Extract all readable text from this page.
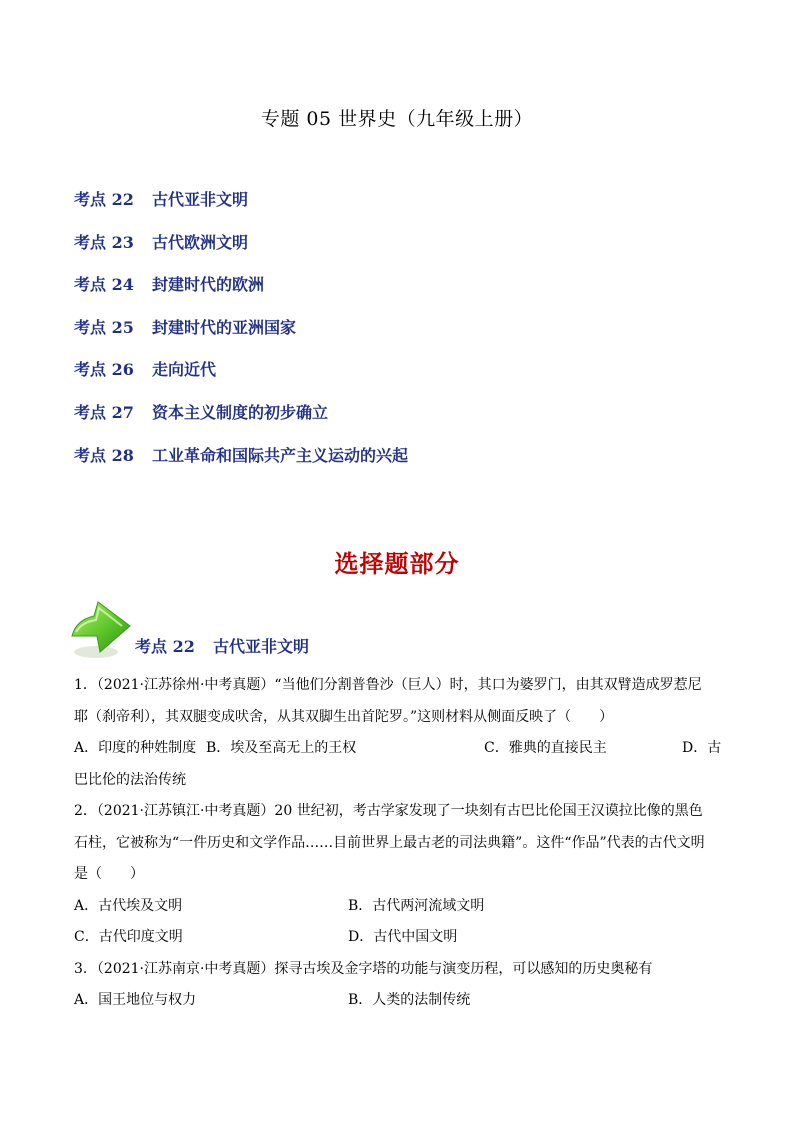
专题 05 世界史（九年级上册）
考点 22 古代亚非文明
考点 23 古代欧洲文明
考点 24 封建时代的欧洲
考点 25 封建时代的亚洲国家
考点 26 走向近代
考点 27 资本主义制度的初步确立
考点 28 工业革命和国际共产主义运动的兴起
选择题部分
考点 22 古代亚非文明
1．（2021·江苏徐州·中考真题）“当他们分割普鲁沙（巨人）时，其口为婆罗门，由其双臂造成罗惹尼
耶（刹帝利），其双腿变成吠舍，从其双脚生出首陀罗。”这则材料从侧面反映了（　　）
A．印度的种姓制度 B．埃及至高无上的王权	C．雅典的直接民主	D．古
巴比伦的法治传统
2．（2021·江苏镇江·中考真题）20 世纪初，考古学家发现了一块刻有古巴比伦国王汉谟拉比像的黑色
石柱，它被称为“一件历史和文学作品……目前世界上最古老的司法典籍”。这件“作品”代表的古代文明
是（　　）
A．古代埃及文明	B．古代两河流域文明
C．古代印度文明	D．古代中国文明
3．（2021·江苏南京·中考真题）探寻古埃及金字塔的功能与演变历程，可以感知的历史奥秘有
A．国王地位与权力	B．人类的法制传统
